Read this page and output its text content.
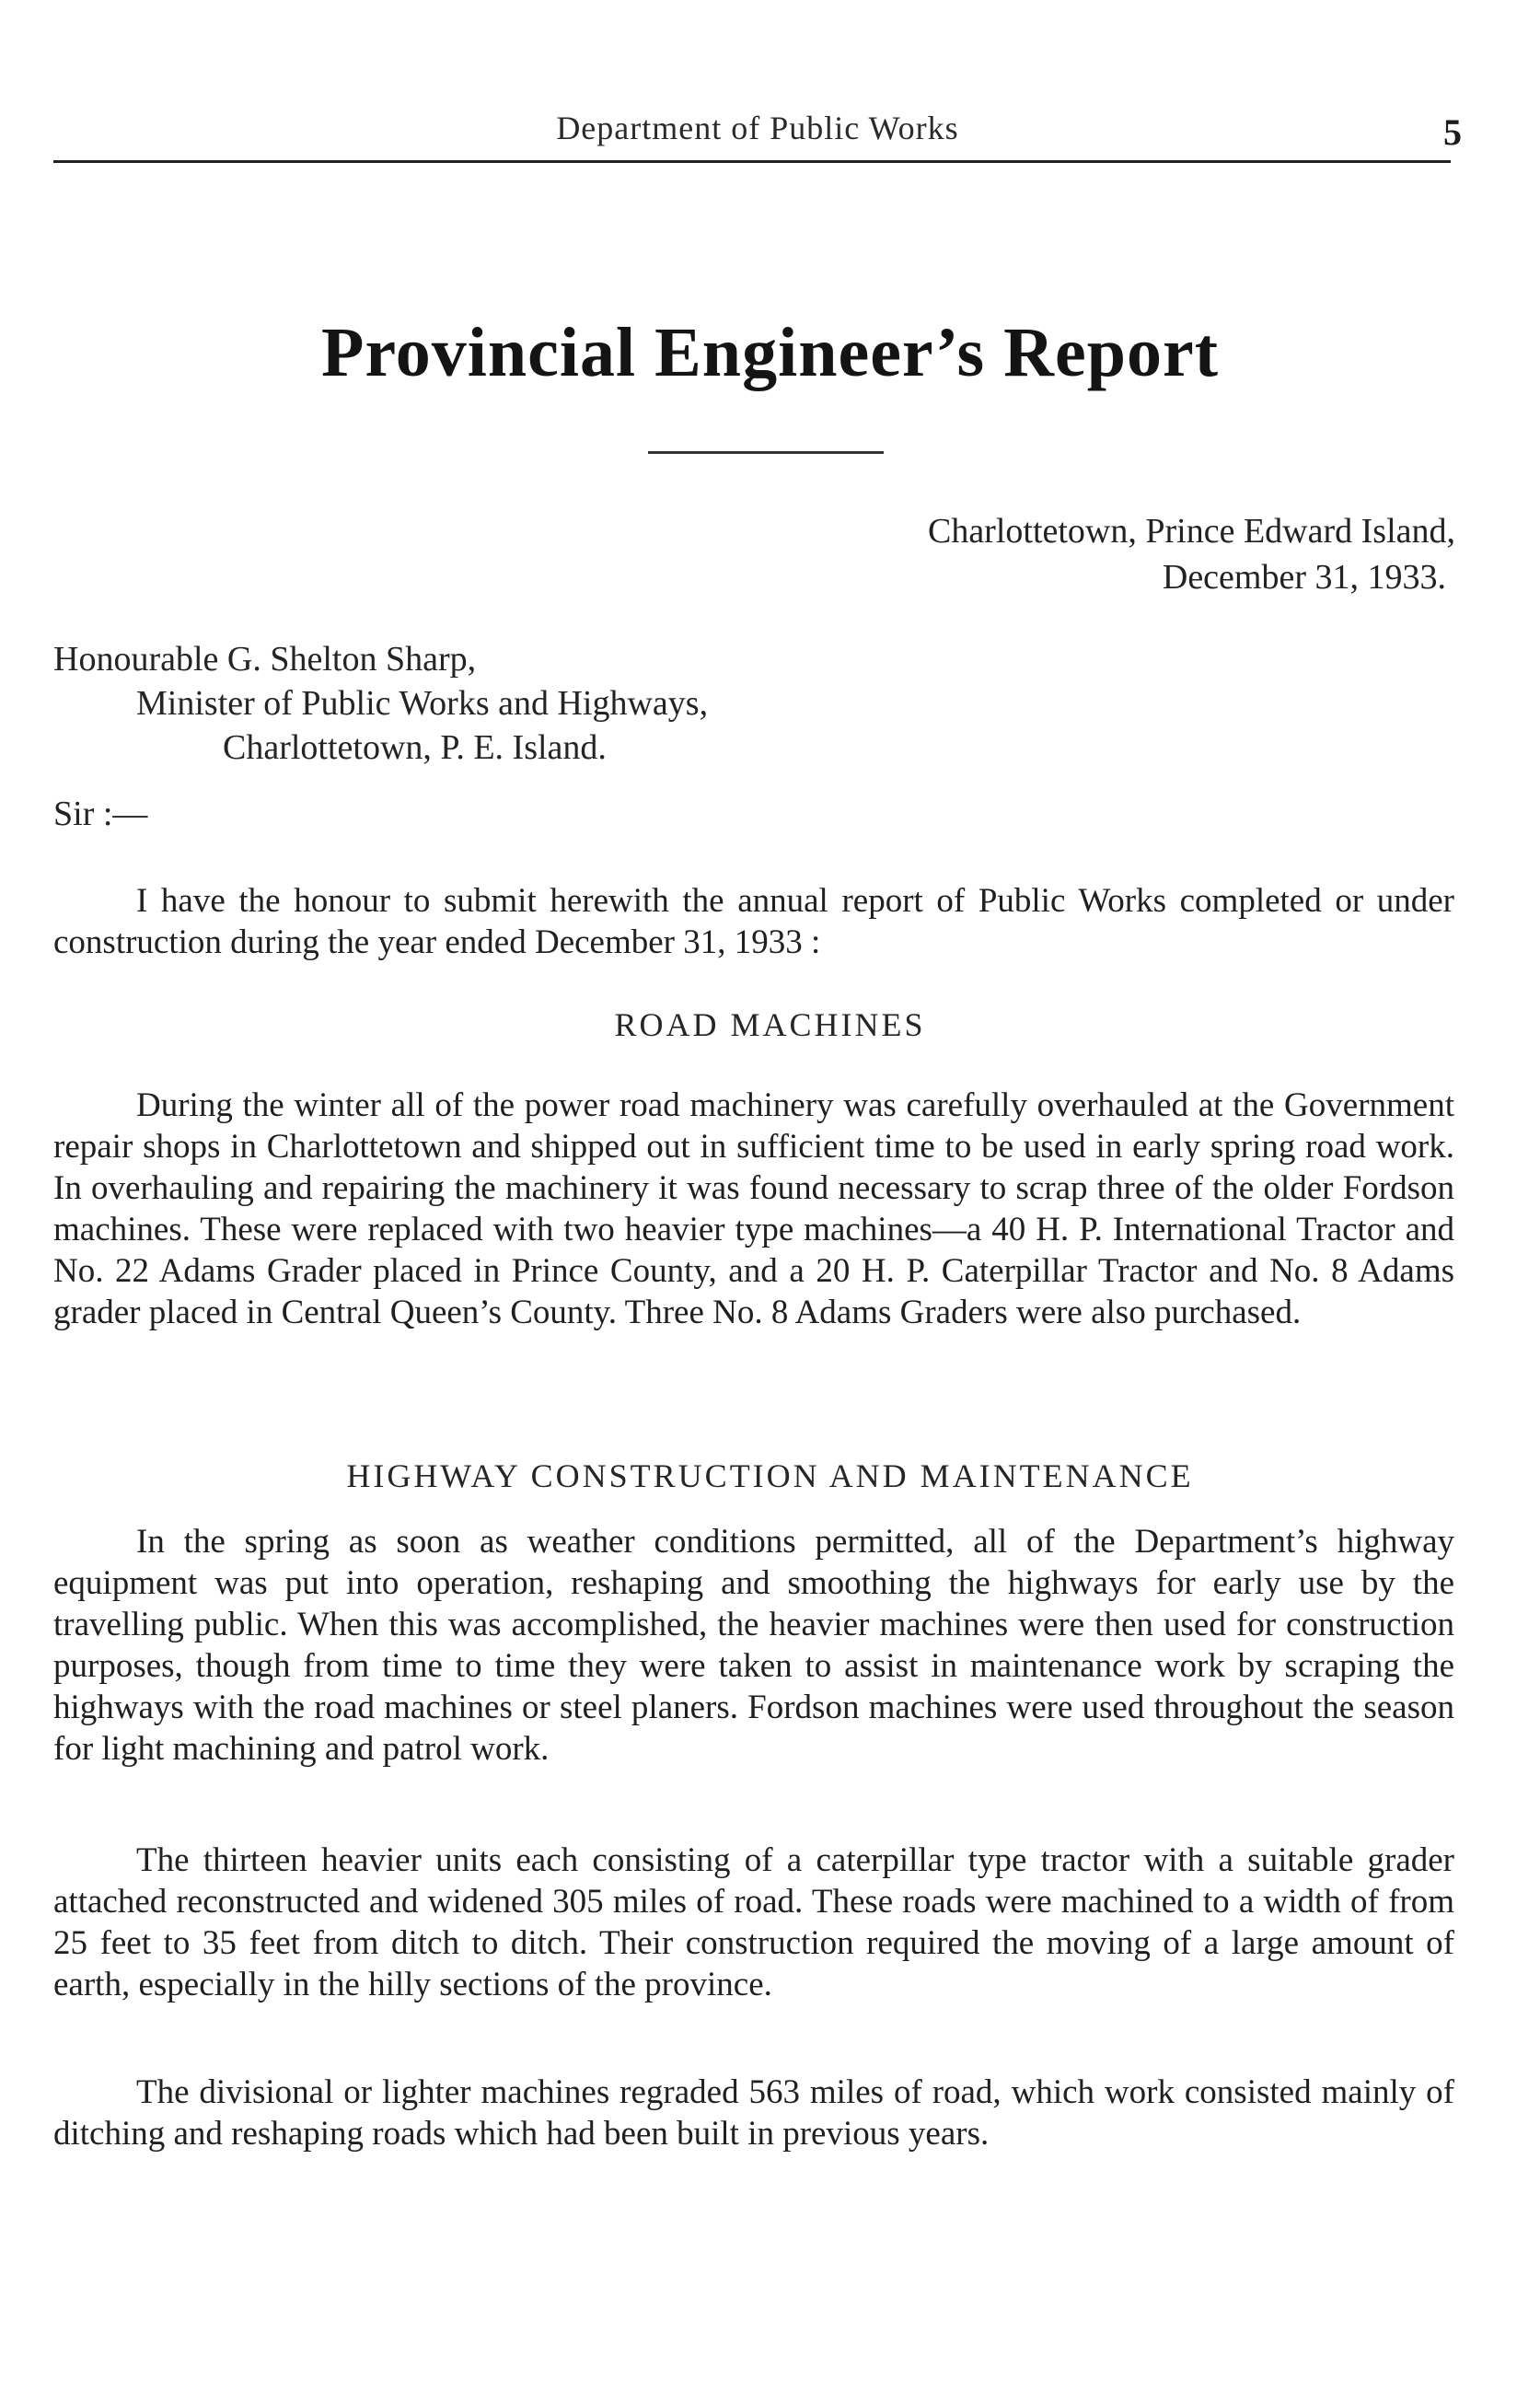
Department of Public Works	5
Provincial Engineer’s Report
Charlottetown, Prince Edward Island,
December 31, 1933.
Honourable G. Shelton Sharp,
Minister of Public Works and Highways,
Charlottetown, P. E. Island.
Sir :—

I have the honour to submit herewith the annual report of Public Works completed or under construction during the year ended December 31, 1933 :

ROAD MACHINES

During the winter all of the power road machinery was carefully overhauled at the Government repair shops in Charlottetown and shipped out in sufficient time to be used in early spring road work. In overhauling and repairing the machinery it was found necessary to scrap three of the older Fordson machines. These were replaced with two heavier type machines—a 40 H. P. International Tractor and No. 22 Adams Grader placed in Prince County, and a 20 H. P. Caterpillar Tractor and No. 8 Adams grader placed in Central Queen’s County. Three No. 8 Adams Graders were also purchased.

HIGHWAY CONSTRUCTION AND MAINTENANCE

In the spring as soon as weather conditions permitted, all of the Department’s highway equipment was put into operation, reshaping and smoothing the highways for early use by the travelling public. When this was accomplished, the heavier machines were then used for construction purposes, though from time to time they were taken to assist in maintenance work by scraping the highways with the road machines or steel planers. Fordson machines were used throughout the season for light machining and patrol work.

The thirteen heavier units each consisting of a caterpillar type tractor with a suitable grader attached reconstructed and widened 305 miles of road. These roads were machined to a width of from 25 feet to 35 feet from ditch to ditch. Their construction required the moving of a large amount of earth, especially in the hilly sections of the province.

The divisional or lighter machines regraded 563 miles of road, which work consisted mainly of ditching and reshaping roads which had been built in previous years.
